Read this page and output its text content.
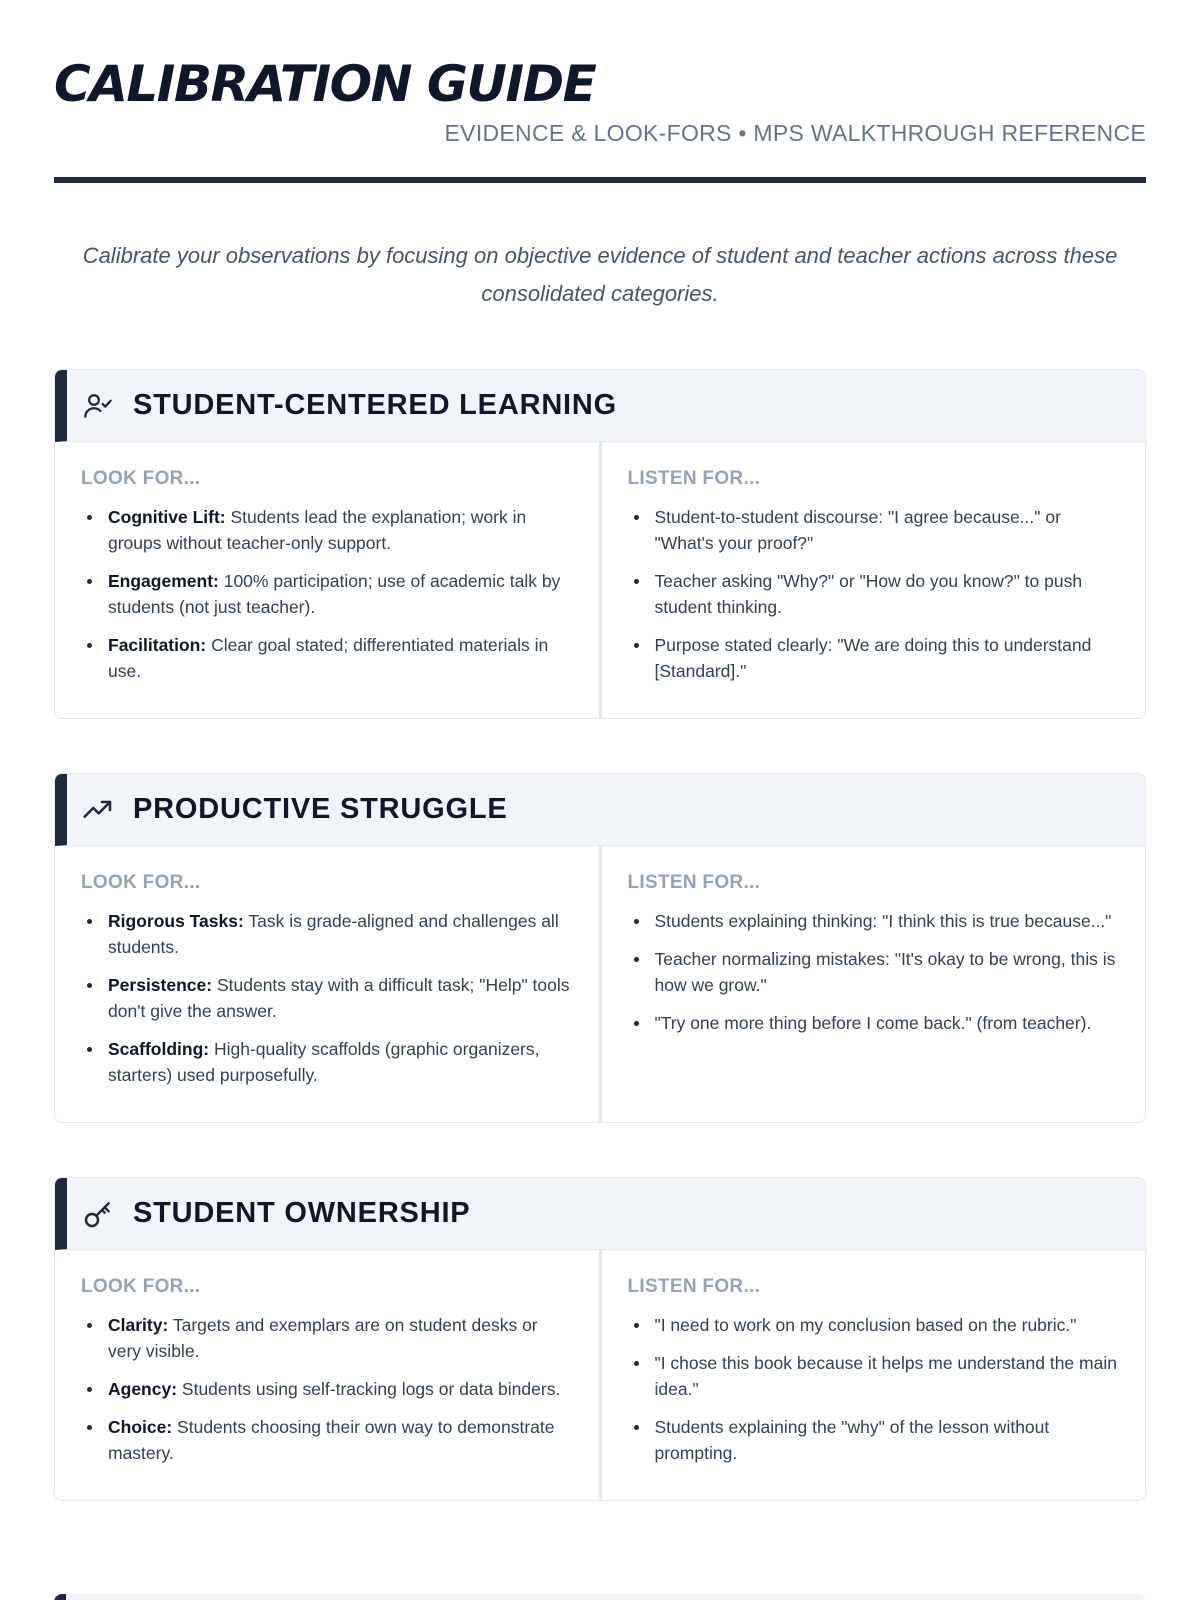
CALIBRATION GUIDE
EVIDENCE & LOOK-FORS • MPS WALKTHROUGH REFERENCE

Calibrate your observations by focusing on objective evidence of student and teacher actions across these consolidated categories.

STUDENT-CENTERED LEARNING
LOOK FOR...
Cognitive Lift: Students lead the explanation; work in groups without teacher-only support.
Engagement: 100% participation; use of academic talk by students (not just teacher).
Facilitation: Clear goal stated; differentiated materials in use.
LISTEN FOR...
Student-to-student discourse: "I agree because..." or "What's your proof?"
Teacher asking "Why?" or "How do you know?" to push student thinking.
Purpose stated clearly: "We are doing this to understand [Standard]."
PRODUCTIVE STRUGGLE
LOOK FOR...
Rigorous Tasks: Task is grade-aligned and challenges all students.
Persistence: Students stay with a difficult task; "Help" tools don't give the answer.
Scaffolding: High-quality scaffolds (graphic organizers, starters) used purposefully.
LISTEN FOR...
Students explaining thinking: "I think this is true because..."
Teacher normalizing mistakes: "It's okay to be wrong, this is how we grow."
"Try one more thing before I come back." (from teacher).
STUDENT OWNERSHIP
LOOK FOR...
Clarity: Targets and exemplars are on student desks or very visible.
Agency: Students using self-tracking logs or data binders.
Choice: Students choosing their own way to demonstrate mastery.
LISTEN FOR...
"I need to work on my conclusion based on the rubric."
"I chose this book because it helps me understand the main idea."
Students explaining the "why" of the lesson without prompting.
